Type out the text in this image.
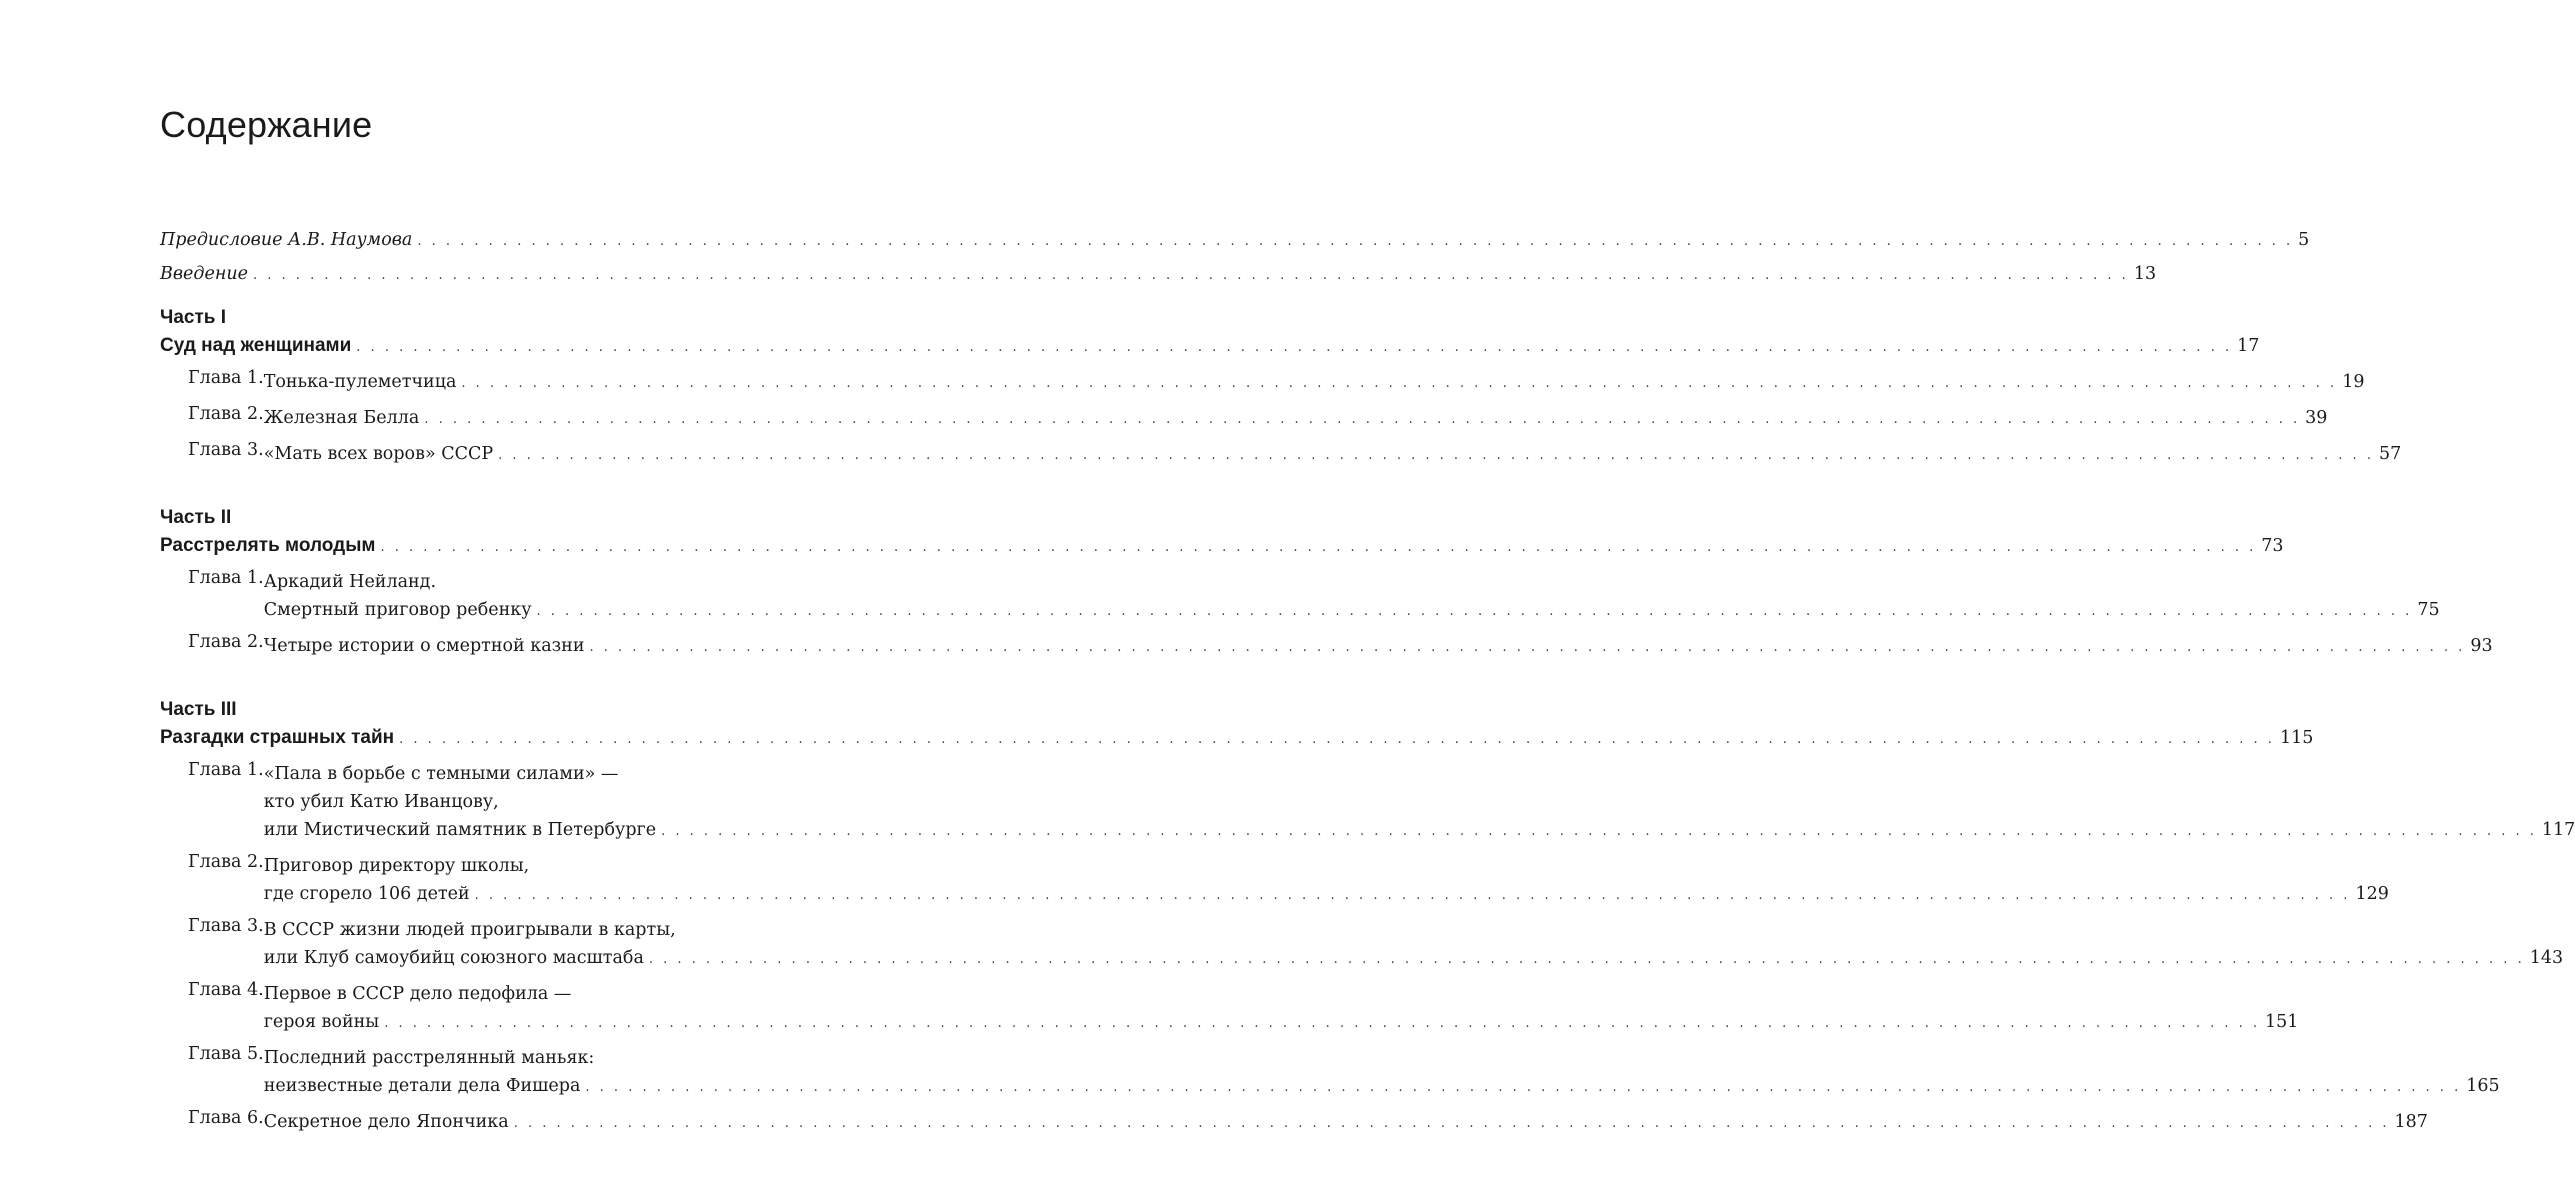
Содержание
Предисловие А.В. Наумова . . .	5
Введение . . .	13
Часть I
Суд над женщинами . . .	17
Глава 1. Тонька-пулеметчица . . .	19
Глава 2. Железная Белла . . .	39
Глава 3. «Мать всех воров» СССР . . .	57
Часть II
Расстрелять молодым . . .	73
Глава 1. Аркадий Нейланд.
Смертный приговор ребенку . . .	75
Глава 2. Четыре истории о смертной казни . . .	93
Часть III
Разгадки страшных тайн . . .	115
Глава 1. «Пала в борьбе с темными силами» —
кто убил Катю Иванцову,
или Мистический памятник в Петербурге . . .	117
Глава 2. Приговор директору школы,
где сгорело 106 детей . . .	129
Глава 3. В СССР жизни людей проигрывали в карты,
или Клуб самоубийц союзного масштаба . . .	143
Глава 4. Первое в СССР дело педофила —
героя войны . . .	151
Глава 5. Последний расстрелянный маньяк:
неизвестные детали дела Фишера . . .	165
Глава 6. Секретное дело Япончика . . .	187
